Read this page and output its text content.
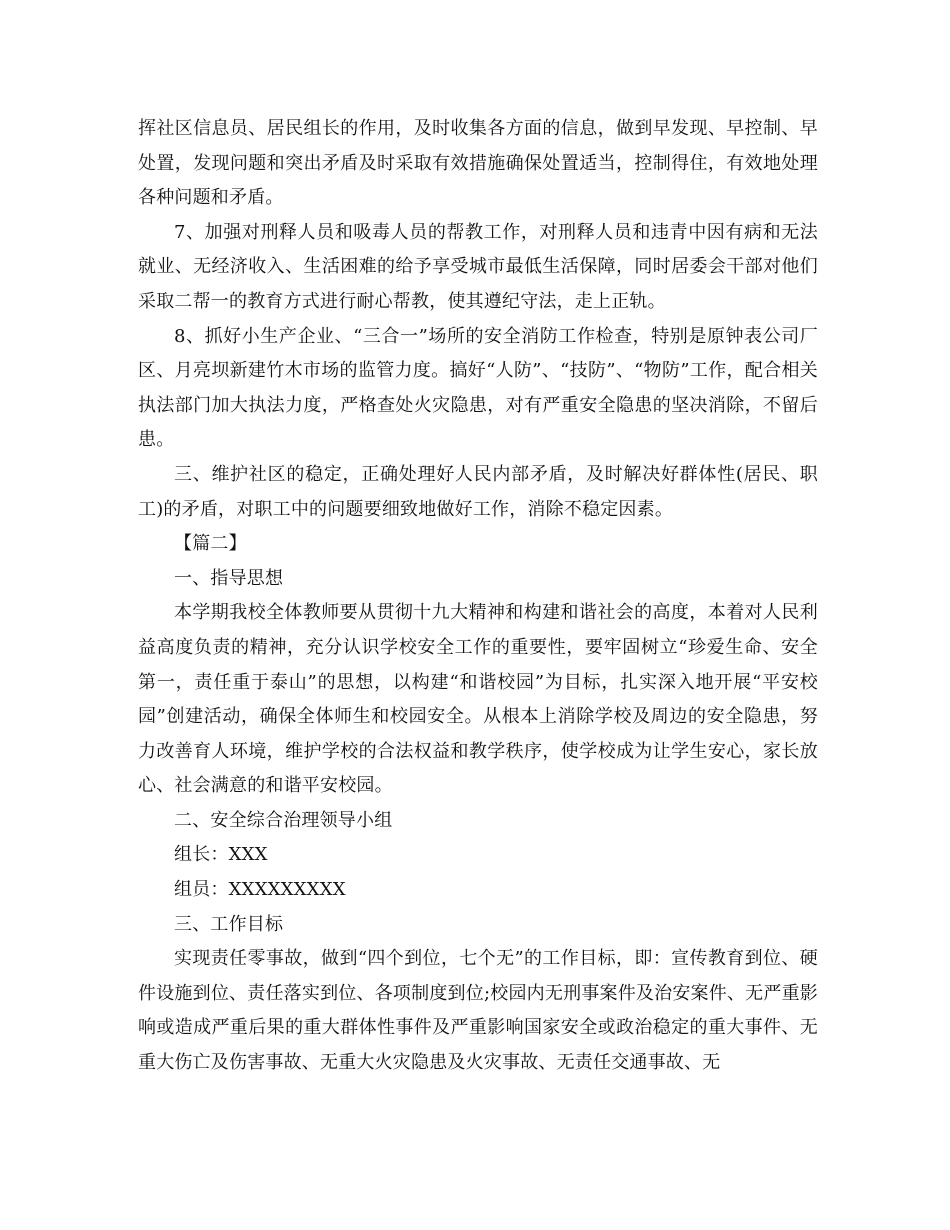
挥社区信息员、居民组长的作用，及时收集各方面的信息，做到早发现、早控制、早处置，发现问题和突出矛盾及时采取有效措施确保处置适当，控制得住，有效地处理各种问题和矛盾。

7、加强对刑释人员和吸毒人员的帮教工作，对刑释人员和违青中因有病和无法就业、无经济收入、生活困难的给予享受城市最低生活保障，同时居委会干部对他们采取二帮一的教育方式进行耐心帮教，使其遵纪守法，走上正轨。

8、抓好小生产企业、“三合一”场所的安全消防工作检查，特别是原钟表公司厂区、月亮坝新建竹木市场的监管力度。搞好“人防”、“技防”、“物防”工作，配合相关执法部门加大执法力度，严格查处火灾隐患，对有严重安全隐患的坚决消除，不留后患。

三、维护社区的稳定，正确处理好人民内部矛盾，及时解决好群体性(居民、职工)的矛盾，对职工中的问题要细致地做好工作，消除不稳定因素。

【篇二】

一、指导思想

本学期我校全体教师要从贯彻十九大精神和构建和谐社会的高度，本着对人民利益高度负责的精神，充分认识学校安全工作的重要性，要牢固树立“珍爱生命、安全第一，责任重于泰山”的思想，以构建“和谐校园”为目标，扎实深入地开展“平安校园”创建活动，确保全体师生和校园安全。从根本上消除学校及周边的安全隐患，努力改善育人环境，维护学校的合法权益和教学秩序，使学校成为让学生安心，家长放心、社会满意的和谐平安校园。

二、安全综合治理领导小组

组长：XXX

组员：XXXXXXXXX

三、工作目标

实现责任零事故，做到“四个到位，七个无”的工作目标，即：宣传教育到位、硬件设施到位、责任落实到位、各项制度到位;校园内无刑事案件及治安案件、无严重影响或造成严重后果的重大群体性事件及严重影响国家安全或政治稳定的重大事件、无重大伤亡及伤害事故、无重大火灾隐患及火灾事故、无责任交通事故、无
